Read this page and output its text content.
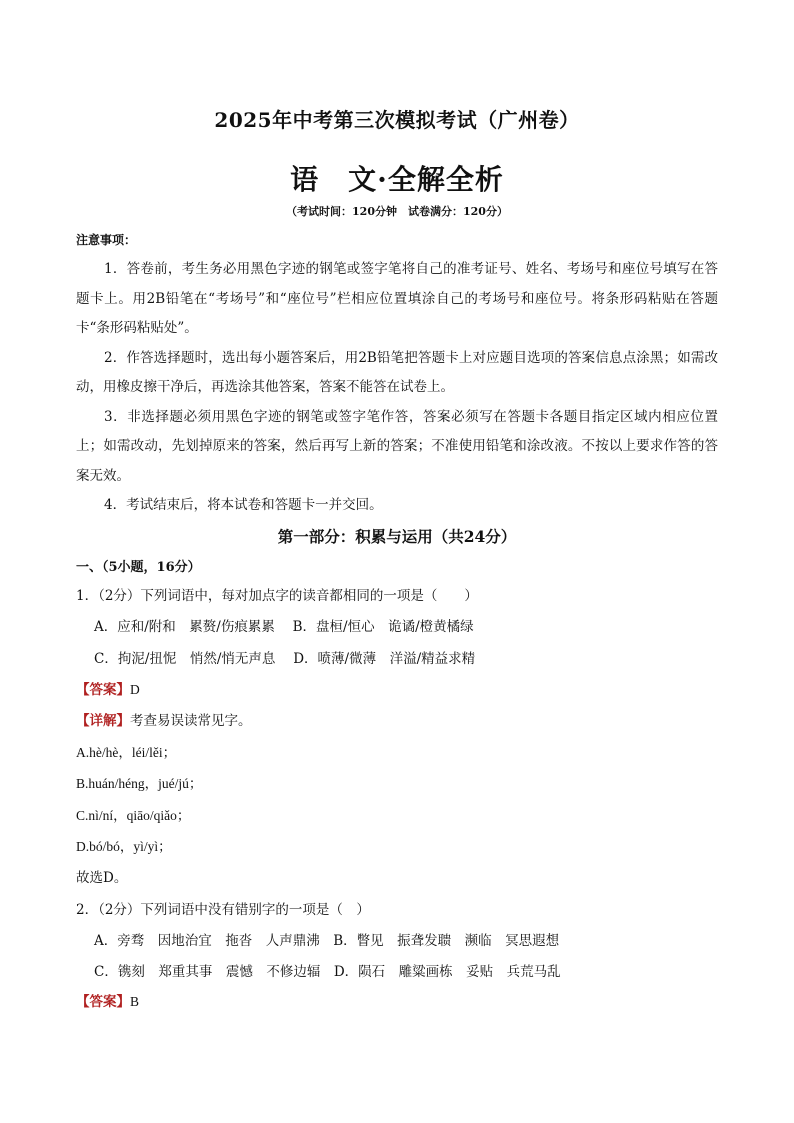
2025年中考第三次模拟考试（广州卷）
语　文·全解全析
（考试时间：120分钟　试卷满分：120分）
注意事项：

1．答卷前，考生务必用黑色字迹的钢笔或签字笔将自己的准考证号、姓名、考场号和座位号填写在答题卡上。用2B铅笔在“考场号”和“座位号”栏相应位置填涂自己的考场号和座位号。将条形码粘贴在答题卡“条形码粘贴处”。

2．作答选择题时，选出每小题答案后，用2B铅笔把答题卡上对应题目选项的答案信息点涂黑；如需改动，用橡皮擦干净后，再选涂其他答案，答案不能答在试卷上。

3．非选择题必须用黑色字迹的钢笔或签字笔作答，答案必须写在答题卡各题目指定区域内相应位置上；如需改动，先划掉原来的答案，然后再写上新的答案；不准使用铅笔和涂改液。不按以上要求作答的答案无效。

4．考试结束后，将本试卷和答题卡一并交回。

第一部分：积累与运用（共24分）
一、（5小题，16分）
1．（2分）下列词语中，每对加点字的读音都相同的一项是（　　）
A．应和/附和　累赘/伤痕累累　 B．盘桓/恒心　诡谲/橙黄橘绿
C．拘泥/扭怩　悄然/悄无声息　 D．喷薄/微薄　洋溢/精益求精
【答案】D
【详解】考查易误读常见字。
A.hè/hè，léi/lěi；
B.huán/héng，jué/jú；
C.nì/ní，qiāo/qiǎo；
D.bó/bó，yì/yì；
故选D。
2．（2分）下列词语中没有错别字的一项是（　）
A．旁骛　因地治宜　拖沓　人声鼎沸　B．瞥见　振聋发聩　濒临　冥思遐想
C．镌刻　郑重其事　震憾　不修边辐　D．陨石　雕粱画栋　妥贴　兵荒马乱
【答案】B
